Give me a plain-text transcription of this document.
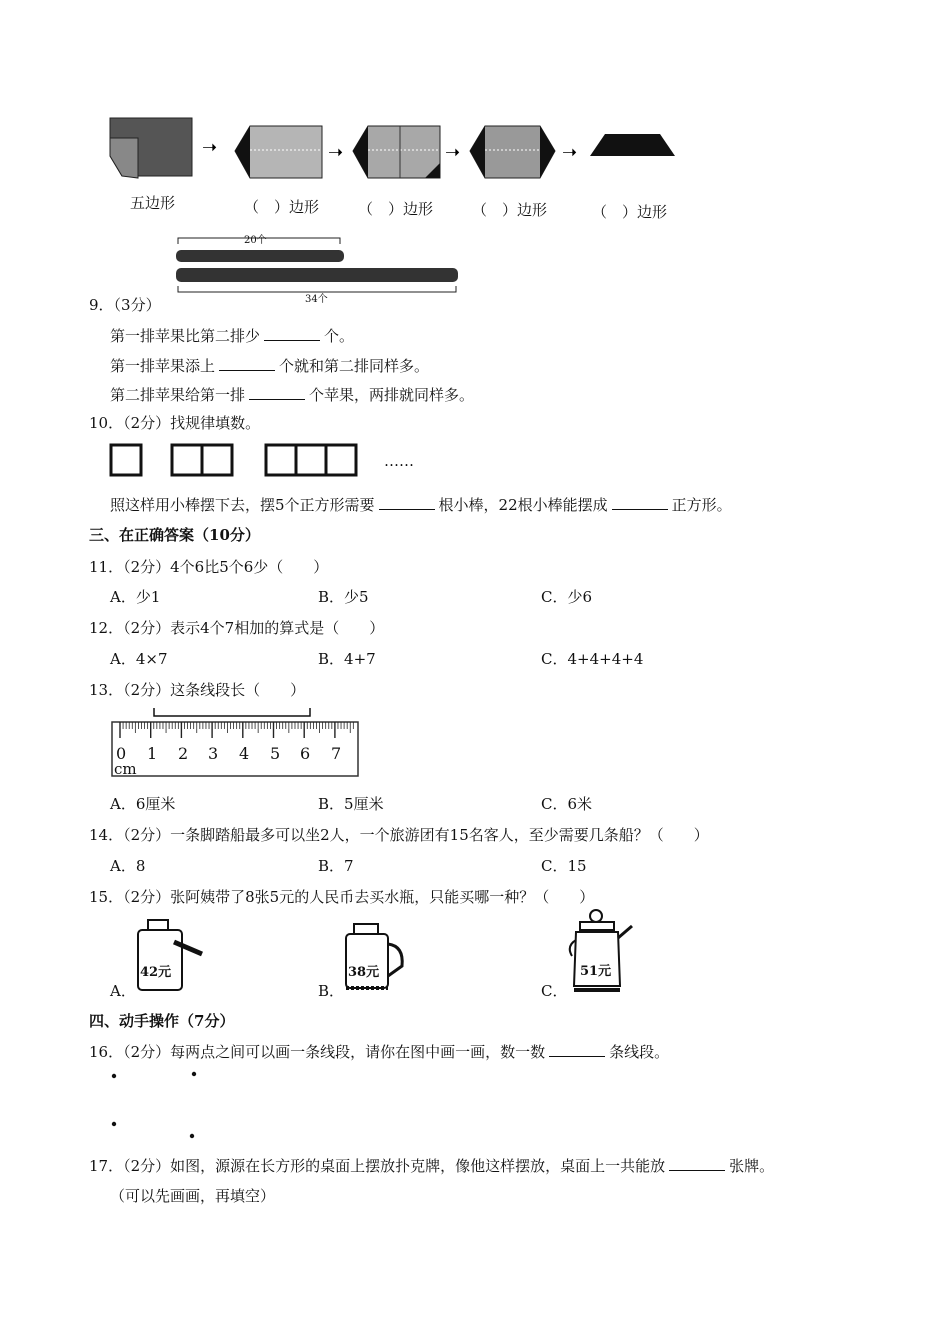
➝	➝	➝	➝
五边形	（　）边形	（　）边形	（　）边形	（　）边形
20个
34个
9．（3分）
第一排苹果比第二排少	个。
第一排苹果添上	个就和第二排同样多。
第二排苹果给第一排	个苹果，两排就同样多。
10．（2分）找规律填数。
……
照这样用小棒摆下去，摆5个正方形需要	根小棒，22根小棒能摆成	正方形。
三、在正确答案（10分）
11．（2分）4个6比5个6少（　　）
A．少1	B．少5	C．少6
12．（2分）表示4个7相加的算式是（　　）
A．4×7	B．4+7	C．4+4+4+4
13．（2分）这条线段长（　　）
0 1 2 3 4 5 6 7
cm
A．6厘米	B．5厘米	C．6米
14．（2分）一条脚踏船最多可以坐2人，一个旅游团有15名客人，至少需要几条船？（　　）
A．8	B．7	C．15
15．（2分）张阿姨带了8张5元的人民币去买水瓶，只能买哪一种？（　　）
A．	B．	C．
42元	38元	51元
四、动手操作（7分）
16．（2分）每两点之间可以画一条线段，请你在图中画一画，数一数	条线段。
17．（2分）如图，源源在长方形的桌面上摆放扑克牌，像他这样摆放，桌面上一共能放	张牌。
（可以先画画，再填空）
